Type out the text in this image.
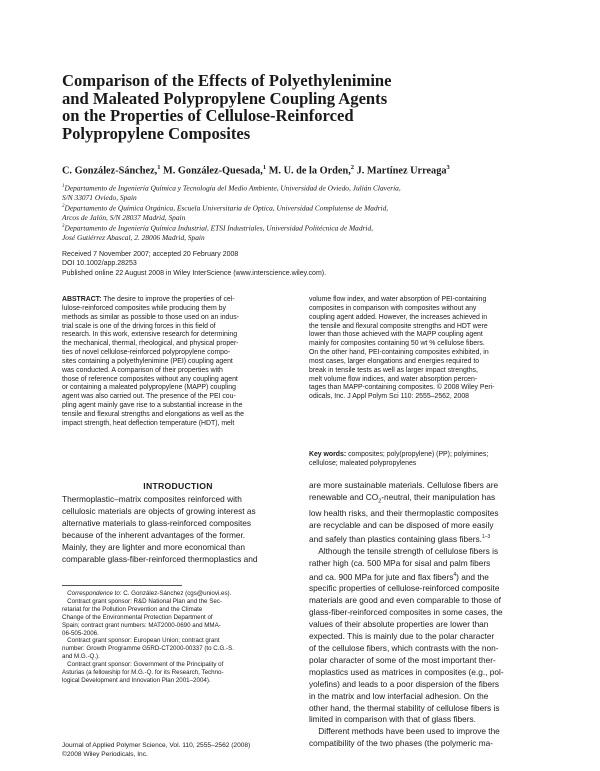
Comparison of the Effects of Polyethylenimine
and Maleated Polypropylene Coupling Agents
on the Properties of Cellulose-Reinforced
Polypropylene Composites
C. González-Sánchez,$^1$ M. González-Quesada,$^1$ M. U. de la Orden,$^2$ J. Martínez Urreaga$^3$
$^1$Departamento de Ingeniería Química y Tecnología del Medio Ambiente, Universidad de Oviedo, Julián Clavería,
S/N 33071 Oviedo, Spain
$^2$Departamento de Química Orgánica, Escuela Universitaria de Optica, Universidad Complutense de Madrid,
Arcos de Jalón, S/N 28037 Madrid, Spain
$^3$Departamento de Ingeniería Química Industrial, ETSI Industriales, Universidad Politécnica de Madrid,
José Gutiérrez Abascal, 2. 28006 Madrid, Spain
Received 7 November 2007; accepted 20 February 2008
DOI 10.1002/app.28253
Published online 22 August 2008 in Wiley InterScience (www.interscience.wiley.com).
ABSTRACT: The desire to improve the properties of cel-
lulose-reinforced composites while producing them by
methods as similar as possible to those used on an indus-
trial scale is one of the driving forces in this field of
research. In this work, extensive research for determining
the mechanical, thermal, rheological, and physical proper-
ties of novel cellulose-reinforced polypropylene compo-
sites containing a polyethylenimine (PEI) coupling agent
was conducted. A comparison of their properties with
those of reference composites without any coupling agent
or containing a maleated polypropylene (MAPP) coupling
agent was also carried out. The presence of the PEI cou-
pling agent mainly gave rise to a substantial increase in the
tensile and flexural strengths and elongations as well as the
impact strength, heat deflection temperature (HDT), melt
volume flow index, and water absorption of PEI-containing
composites in comparison with composites without any
coupling agent added. However, the increases achieved in
the tensile and flexural composite strengths and HDT were
lower than those achieved with the MAPP coupling agent
mainly for composites containing 50 wt % cellulose fibers.
On the other hand, PEI-containing composites exhibited, in
most cases, larger elongations and energies required to
break in tensile tests as well as larger impact strengths,
melt volume flow indices, and water absorption percen-
tages than MAPP-containing composites. © 2008 Wiley Peri-
odicals, Inc. J Appl Polym Sci 110: 2555–2562, 2008
Key words: composites; poly(propylene) (PP); polyimines;
cellulose; maleated polypropylenes
INTRODUCTION
Thermoplastic–matrix composites reinforced with
cellulosic materials are objects of growing interest as
alternative materials to glass-reinforced composites
because of the inherent advantages of the former.
Mainly, they are lighter and more economical than
comparable glass-fiber-reinforced thermoplastics and
Correspondence to: C. González-Sánchez (cgs@uniovi.es).
Contract grant sponsor: R&D National Plan and the Sec-
retariat for the Pollution Prevention and the Climate
Change of the Environmental Protection Department of
Spain; contract grant numbers: MAT2000-0690 and MMA-
06-505-2006.
Contract grant sponsor: European Union; contract grant
number: Growth Programme G5RD-CT2000-00337 (to C.G.-S.
and M.G.-Q.).
Contract grant sponsor: Government of the Principality of
Asturias (a fellowship for M.G.-Q. for its Research, Techno-
logical Development and Innovation Plan 2001–2004).
Journal of Applied Polymer Science, Vol. 110, 2555–2562 (2008)
©2008 Wiley Periodicals, Inc.
are more sustainable materials. Cellulose fibers are
renewable and $CO_2$-neutral, their manipulation has
low health risks, and their thermoplastic composites
are recyclable and can be disposed of more easily
and safely than plastics containing glass fibers.$^{1-3}$
Although the tensile strength of cellulose fibers is
rather high (ca. 500 MPa for sisal and palm fibers
and ca. 900 MPa for jute and flax fibers$^4$) and the
specific properties of cellulose-reinforced composite
materials are good and even comparable to those of
glass-fiber-reinforced composites in some cases, the
values of their absolute properties are lower than
expected. This is mainly due to the polar character
of the cellulose fibers, which contrasts with the non-
polar character of some of the most important ther-
moplastics used as matrices in composites (e.g., pol-
yolefins) and leads to a poor dispersion of the fibers
in the matrix and low interfacial adhesion. On the
other hand, the thermal stability of cellulose fibers is
limited in comparison with that of glass fibers.
Different methods have been used to improve the
compatibility of the two phases (the polymeric ma-
